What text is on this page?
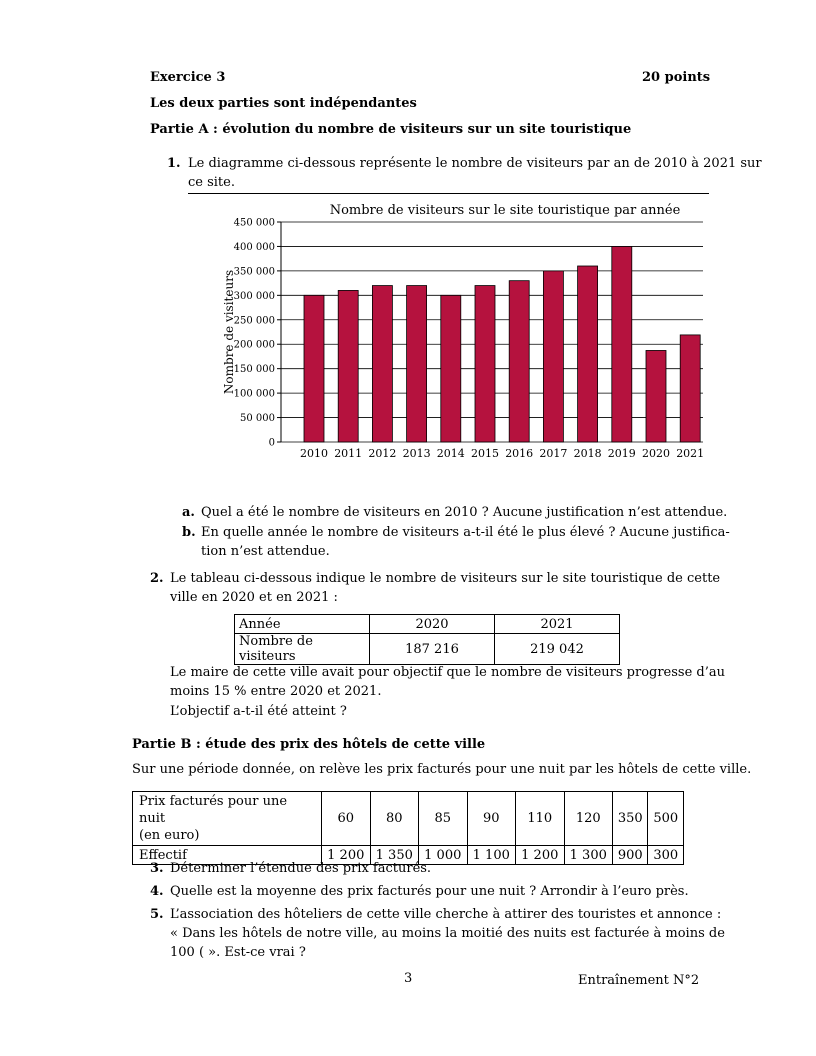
Exercice 3	20 points
Les deux parties sont indépendantes
Partie A : évolution du nombre de visiteurs sur un site touristique
1. Le diagramme ci-dessous représente le nombre de visiteurs par an de 2010 à 2021 sur
ce site.
Nombre de visiteurs sur le site touristique par année
Nombre de visiteurs
0
50 000
100 000
150 000
200 000
250 000
300 000
350 000
400 000
450 000
2010 2011 2012 2013 2014 2015 2016 2017 2018 2019 2020 2021
a. Quel a été le nombre de visiteurs en 2010 ? Aucune justification n’est attendue.
b. En quelle année le nombre de visiteurs a-t-il été le plus élevé ? Aucune justifica-
tion n’est attendue.
2. Le tableau ci-dessous indique le nombre de visiteurs sur le site touristique de cette
ville en 2020 et en 2021 :
Année	2020	2021
Nombre de visiteurs	187 216	219 042
Le maire de cette ville avait pour objectif que le nombre de visiteurs progresse d’au
moins 15 % entre 2020 et 2021.
L’objectif a-t-il été atteint ?
Partie B : étude des prix des hôtels de cette ville
Sur une période donnée, on relève les prix facturés pour une nuit par les hôtels de cette ville.
Prix facturés pour une nuit
(en euro)	60	80	85	90	110	120	350	500
Effectif	1 200	1 350	1 000	1 100	1 200	1 300	900	300
3. Déterminer l’étendue des prix facturés.
4. Quelle est la moyenne des prix facturés pour une nuit ? Arrondir à l’euro près.
5. L’association des hôteliers de cette ville cherche à attirer des touristes et annonce :
« Dans les hôtels de notre ville, au moins la moitié des nuits est facturée à moins de
100 ( ». Est-ce vrai ?
3	Entraînement N°2
